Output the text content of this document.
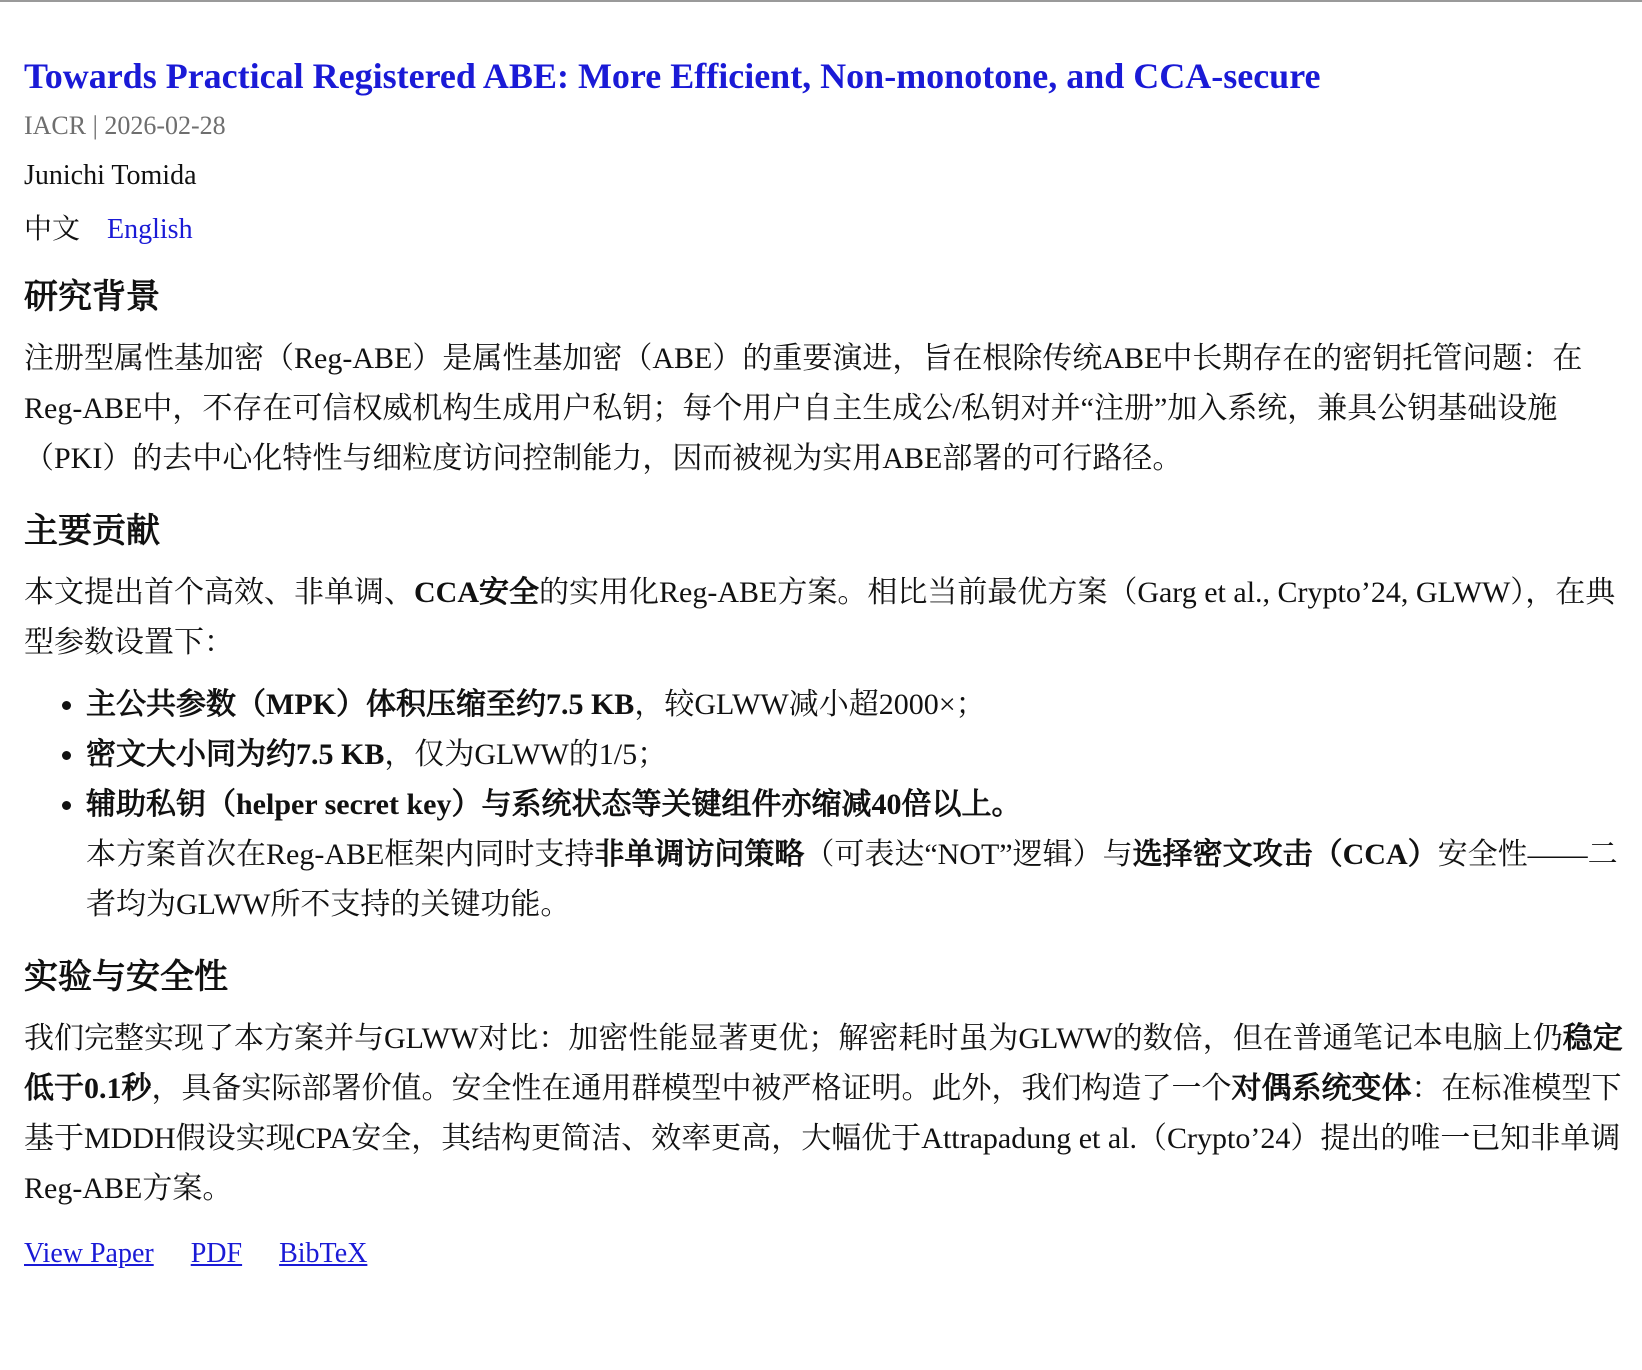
Towards Practical Registered ABE: More Efficient, Non-monotone, and CCA-secure
IACR | 2026-02-28
Junichi Tomida
中文 English
研究背景

注册型属性基加密（Reg-ABE）是属性基加密（ABE）的重要演进，旨在根除传统ABE中长期存在的密钥托管问题：在Reg-ABE中，不存在可信权威机构生成用户私钥；每个用户自主生成公/私钥对并“注册”加入系统，兼具公钥基础设施（PKI）的去中心化特性与细粒度访问控制能力，因而被视为实用ABE部署的可行路径。

主要贡献

本文提出首个高效、非单调、CCA安全的实用化Reg-ABE方案。相比当前最优方案（Garg et al., Crypto’24, GLWW），在典型参数设置下：

• 主公共参数（MPK）体积压缩至约7.5 KB，较GLWW减小超2000×；
• 密文大小同为约7.5 KB，仅为GLWW的1/5；
• 辅助私钥（helper secret key）与系统状态等关键组件亦缩减40倍以上。
本方案首次在Reg-ABE框架内同时支持非单调访问策略（可表达“NOT”逻辑）与选择密文攻击（CCA）安全性——二者均为GLWW所不支持的关键功能。
实验与安全性

我们完整实现了本方案并与GLWW对比：加密性能显著更优；解密耗时虽为GLWW的数倍，但在普通笔记本电脑上仍稳定低于0.1秒，具备实际部署价值。安全性在通用群模型中被严格证明。此外，我们构造了一个对偶系统变体：在标准模型下基于MDDH假设实现CPA安全，其结构更简洁、效率更高，大幅优于Attrapadung et al.（Crypto’24）提出的唯一已知非单调Reg-ABE方案。

View Paper PDF BibTeX
